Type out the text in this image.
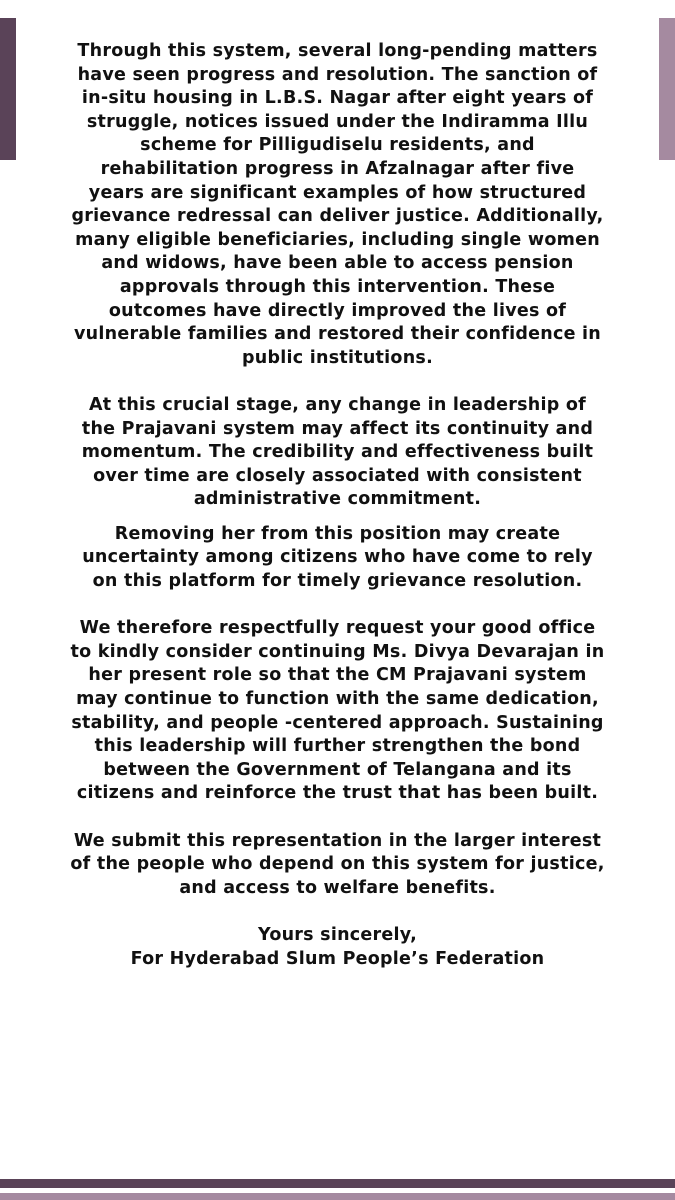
Through this system, several long-pending matters have seen progress and resolution. The sanction of in-situ housing in L.B.S. Nagar after eight years of struggle, notices issued under the Indiramma Illu scheme for Pilligudiselu residents, and rehabilitation progress in Afzalnagar after five years are significant examples of how structured grievance redressal can deliver justice. Additionally, many eligible beneficiaries, including single women and widows, have been able to access pension approvals through this intervention. These outcomes have directly improved the lives of vulnerable families and restored their confidence in public institutions.

At this crucial stage, any change in leadership of the Prajavani system may affect its continuity and momentum. The credibility and effectiveness built over time are closely associated with consistent administrative commitment.

Removing her from this position may create uncertainty among citizens who have come to rely on this platform for timely grievance resolution.

We therefore respectfully request your good office to kindly consider continuing Ms. Divya Devarajan in her present role so that the CM Prajavani system may continue to function with the same dedication, stability, and people -centered approach. Sustaining this leadership will further strengthen the bond between the Government of Telangana and its citizens and reinforce the trust that has been built.

We submit this representation in the larger interest of the people who depend on this system for justice, and access to welfare benefits.

Yours sincerely,

For Hyderabad Slum People’s Federation
